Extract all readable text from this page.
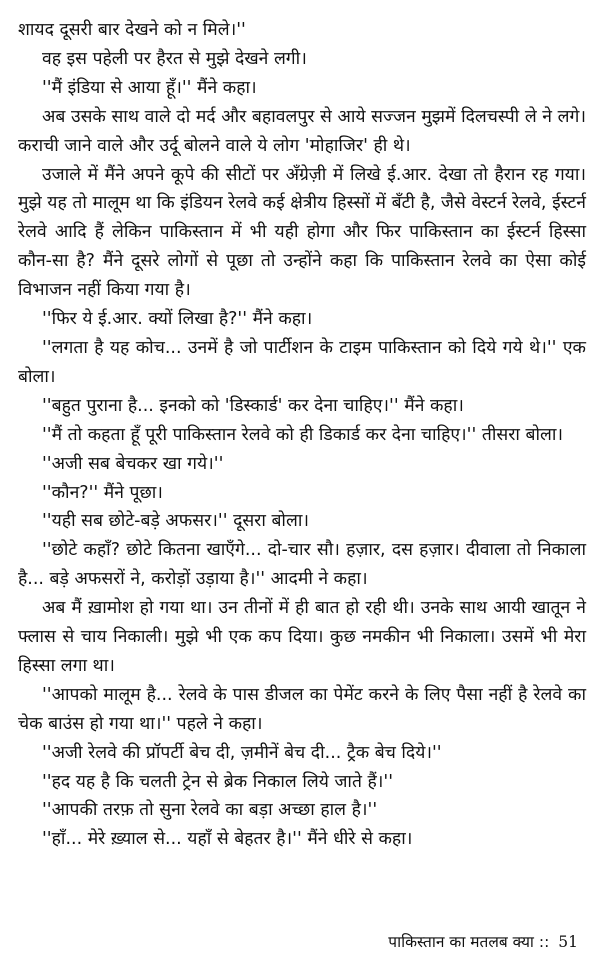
शायद दूसरी बार देखने को न मिले।''

वह इस पहेली पर हैरत से मुझे देखने लगी।

''मैं इंडिया से आया हूँ।'' मैंने कहा।

अब उसके साथ वाले दो मर्द और बहावलपुर से आये सज्जन मुझमें दिलचस्पी ले ने लगे। कराची जाने वाले और उर्दू बोलने वाले ये लोग 'मोहाजिर' ही थे।

उजाले में मैंने अपने कूपे की सीटों पर अँग्रेज़ी में लिखे ई.आर. देखा तो हैरान रह गया। मुझे यह तो मालूम था कि इंडियन रेलवे कई क्षेत्रीय हिस्सों में बँटी है, जैसे वेस्टर्न रेलवे, ईस्टर्न रेलवे आदि हैं लेकिन पाकिस्तान में भी यही होगा और फिर पाकिस्तान का ईस्टर्न हिस्सा कौन-सा है? मैंने दूसरे लोगों से पूछा तो उन्होंने कहा कि पाकिस्तान रेलवे का ऐसा कोई विभाजन नहीं किया गया है।

''फिर ये ई.आर. क्यों लिखा है?'' मैंने कहा।

''लगता है यह कोच... उनमें है जो पार्टीशन के टाइम पाकिस्तान को दिये गये थे।'' एक बोला।

''बहुत पुराना है... इनको को 'डिस्कार्ड' कर देना चाहिए।'' मैंने कहा।

''मैं तो कहता हूँ पूरी पाकिस्तान रेलवे को ही डिकार्ड कर देना चाहिए।'' तीसरा बोला।

''अजी सब बेचकर खा गये।''

''कौन?'' मैंने पूछा।

''यही सब छोटे-बड़े अफसर।'' दूसरा बोला।

''छोटे कहाँ? छोटे कितना खाएँगे... दो-चार सौ। हज़ार, दस हज़ार। दीवाला तो निकाला है... बड़े अफसरों ने, करोड़ों उड़ाया है।'' आदमी ने कहा।

अब मैं ख़ामोश हो गया था। उन तीनों में ही बात हो रही थी। उनके साथ आयी खातून ने फ्लास से चाय निकाली। मुझे भी एक कप दिया। कुछ नमकीन भी निकाला। उसमें भी मेरा हिस्सा लगा था।

''आपको मालूम है... रेलवे के पास डीजल का पेमेंट करने के लिए पैसा नहीं है रेलवे का चेक बाउंस हो गया था।'' पहले ने कहा।

''अजी रेलवे की प्रॉपर्टी बेच दी, ज़मीनें बेच दी... ट्रैक बेच दिये।''

''हद यह है कि चलती ट्रेन से ब्रेक निकाल लिये जाते हैं।''

''आपकी तरफ़ तो सुना रेलवे का बड़ा अच्छा हाल है।''

''हाँ... मेरे ख़्याल से... यहाँ से बेहतर है।'' मैंने धीरे से कहा।

पाकिस्तान का मतलब क्या :: 51
